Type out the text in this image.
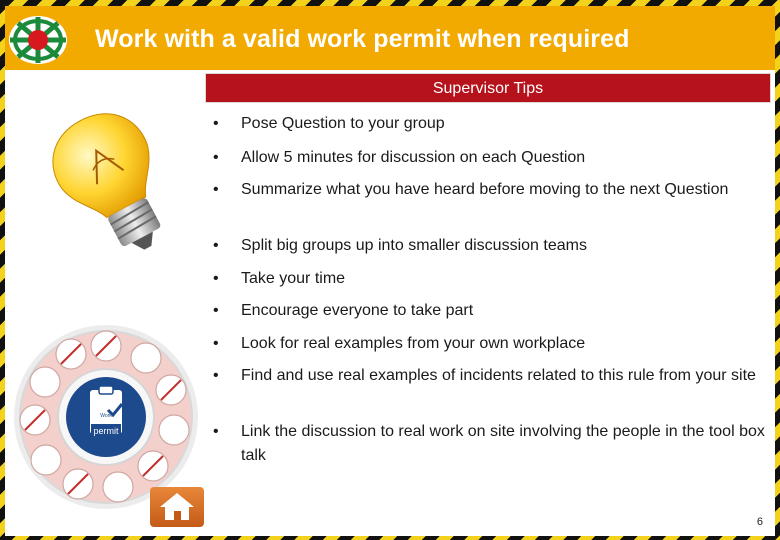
Work with a valid work permit when required
Supervisor Tips
Work
permit
• Pose Question to your group
• Allow 5 minutes for discussion on each Question
• Summarize what you have heard before moving to the next Question
• Split big groups up into smaller discussion teams
• Take your time
• Encourage everyone to take part
• Look for real examples from your own workplace
• Find and use real examples of incidents related to this rule from your site
• Link the discussion to real work on site involving the people in the tool box talk
6
